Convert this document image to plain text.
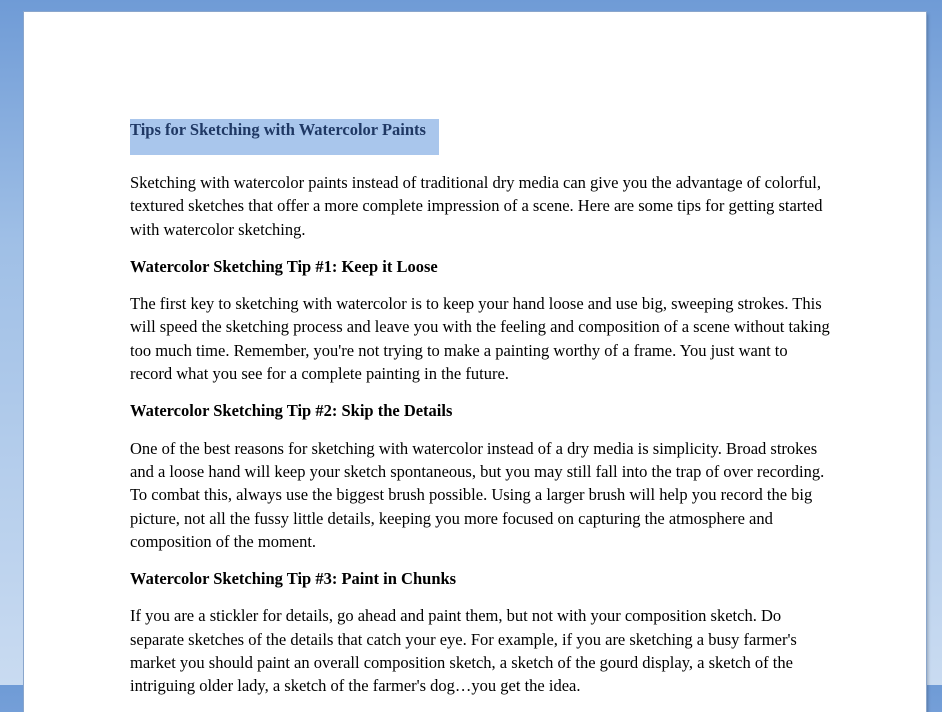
Tips for Sketching with Watercolor Paints

Sketching with watercolor paints instead of traditional dry media can give you the advantage of colorful, textured sketches that offer a more complete impression of a scene. Here are some tips for getting started with watercolor sketching.

Watercolor Sketching Tip #1: Keep it Loose

The first key to sketching with watercolor is to keep your hand loose and use big, sweeping strokes. This will speed the sketching process and leave you with the feeling and composition of a scene without taking too much time. Remember, you're not trying to make a painting worthy of a frame. You just want to record what you see for a complete painting in the future.

Watercolor Sketching Tip #2: Skip the Details

One of the best reasons for sketching with watercolor instead of a dry media is simplicity. Broad strokes and a loose hand will keep your sketch spontaneous, but you may still fall into the trap of over recording. To combat this, always use the biggest brush possible. Using a larger brush will help you record the big picture, not all the fussy little details, keeping you more focused on capturing the atmosphere and composition of the moment.

Watercolor Sketching Tip #3: Paint in Chunks

If you are a stickler for details, go ahead and paint them, but not with your composition sketch. Do separate sketches of the details that catch your eye. For example, if you are sketching a busy farmer's market you should paint an overall composition sketch, a sketch of the gourd display, a sketch of the intriguing older lady, a sketch of the farmer's dog…you get the idea.
